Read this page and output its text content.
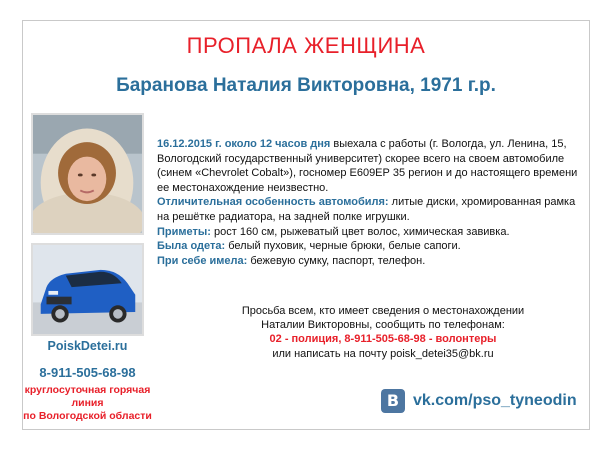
ПРОПАЛА ЖЕНЩИНА
Баранова Наталия Викторовна, 1971 г.р.
16.12.2015 г. около 12 часов дня выехала с работы (г. Вологда, ул. Ленина, 15, Вологодский государственный университет) скорее всего на своем автомобиле (синем «Chevrolet Cobalt»), госномер Е609ЕР 35 регион и до настоящего времени ее местонахождение неизвестно.
Отличительная особенность автомобиля: литые диски, хромированная рамка на решётке радиатора, на задней полке игрушки.
Приметы: рост 160 см, рыжеватый цвет волос, химическая завивка.
Была одета: белый пуховик, черные брюки, белые сапоги.
При себе имела: бежевую сумку, паспорт, телефон.
Просьба всем, кто имеет сведения о местонахождении
Наталии Викторовны, сообщить по телефонам:
02 - полиция, 8-911-505-68-98 - волонтеры
или написать на почту poisk_detei35@bk.ru
PoiskDetei.ru
8-911-505-68-98
круглосуточная горячая линия
по Вологодской области
В vk.com/pso_tyneodin
